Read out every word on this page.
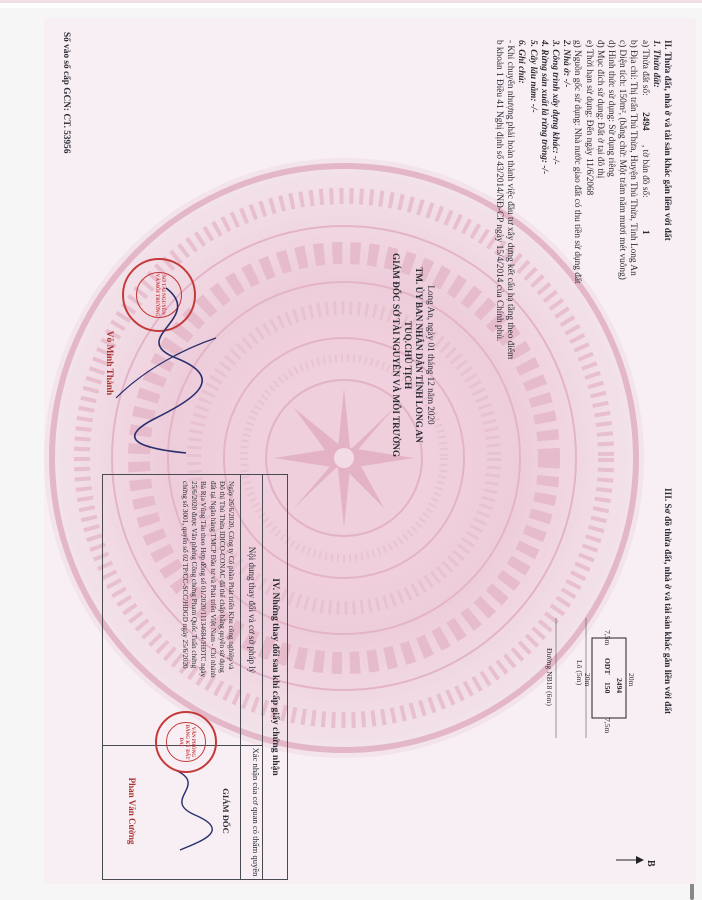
II. Thửa đất, nhà ở và tài sản khác gắn liền với đất
1. Thửa đất:
a) Thửa đất số: 2494 , tờ bản đồ số: 1
b) Địa chỉ: Thị trấn Thủ Thừa, Huyện Thủ Thừa, Tỉnh Long An
c) Diện tích: 150m², (bằng chữ: Một trăm năm mươi mét vuông)
d) Hình thức sử dụng: Sử dụng riêng
đ) Mục đích sử dụng: Đất ở tại đô thị
e) Thời hạn sử dụng: Đến ngày 11/6/2068
g) Nguồn gốc sử dụng: Nhà nước giao đất có thu tiền sử dụng đất
2. Nhà ở: -/-
3. Công trình xây dựng khác: -/-
4. Rừng sản xuất là rừng trồng: -/-
5. Cây lâu năm: -/-
6. Ghi chú:
- Khi chuyển nhượng phải hoàn thành việc đầu tư xây dựng kết cấu hạ tầng theo điểm
b khoản 1 Điều 41 Nghị định số 43/2014/NĐ-CP ngày 15/4/2014 của Chính phủ.
Long An, ngày 01 tháng 12 năm 2020
TM. ỦY BAN NHÂN DÂN TỈNH LONG AN
TUQ.CHỦ TỊCH
GIÁM ĐỐC SỞ TÀI NGUYÊN VÀ MÔI TRƯỜNG
SỞ TÀI NGUYÊN VÀ MÔI TRƯỜNG
Võ Minh Thành
Số vào sổ cấp GCN: CT. 53956
III. Sơ đồ thửa đất, nhà ở và tài sản khác gắn liền với đất
B
2494
ODT
150
Lô (5m)
Đường NB18 (6m)	20m
7,5m
7,5m
20m
IV. Những thay đổi sau khi cấp giấy chứng nhận
Nội dung thay đổi và cơ sở pháp lý
Xác nhận của cơ quan có thẩm quyền
Ngày 26/6/2020, Công ty Cổ phần Phát triển Khu công nghiệp và
Đô thị Thủ Thừa IDICO-CONAC đã thế chấp bằng quyền sử dụng
đất tại Ngân hàng TMCP Đầu tư và Phát triển Việt Nam - Chi nhánh
Bà Rịa Vũng Tàu theo Hợp đồng số 01/2020/11134684/HĐTC ngày
25/6/2020 được Văn phòng Công chứng Phạm Quốc Tuấn chứng
chứng số 3001, quyển số 02 TP/CC-SCC/HĐGD ngày 25/6/2020
GIÁM ĐỐC
VĂN PHÒNG ĐĂNG KÝ ĐẤT ĐAI
Phan Văn Cường
